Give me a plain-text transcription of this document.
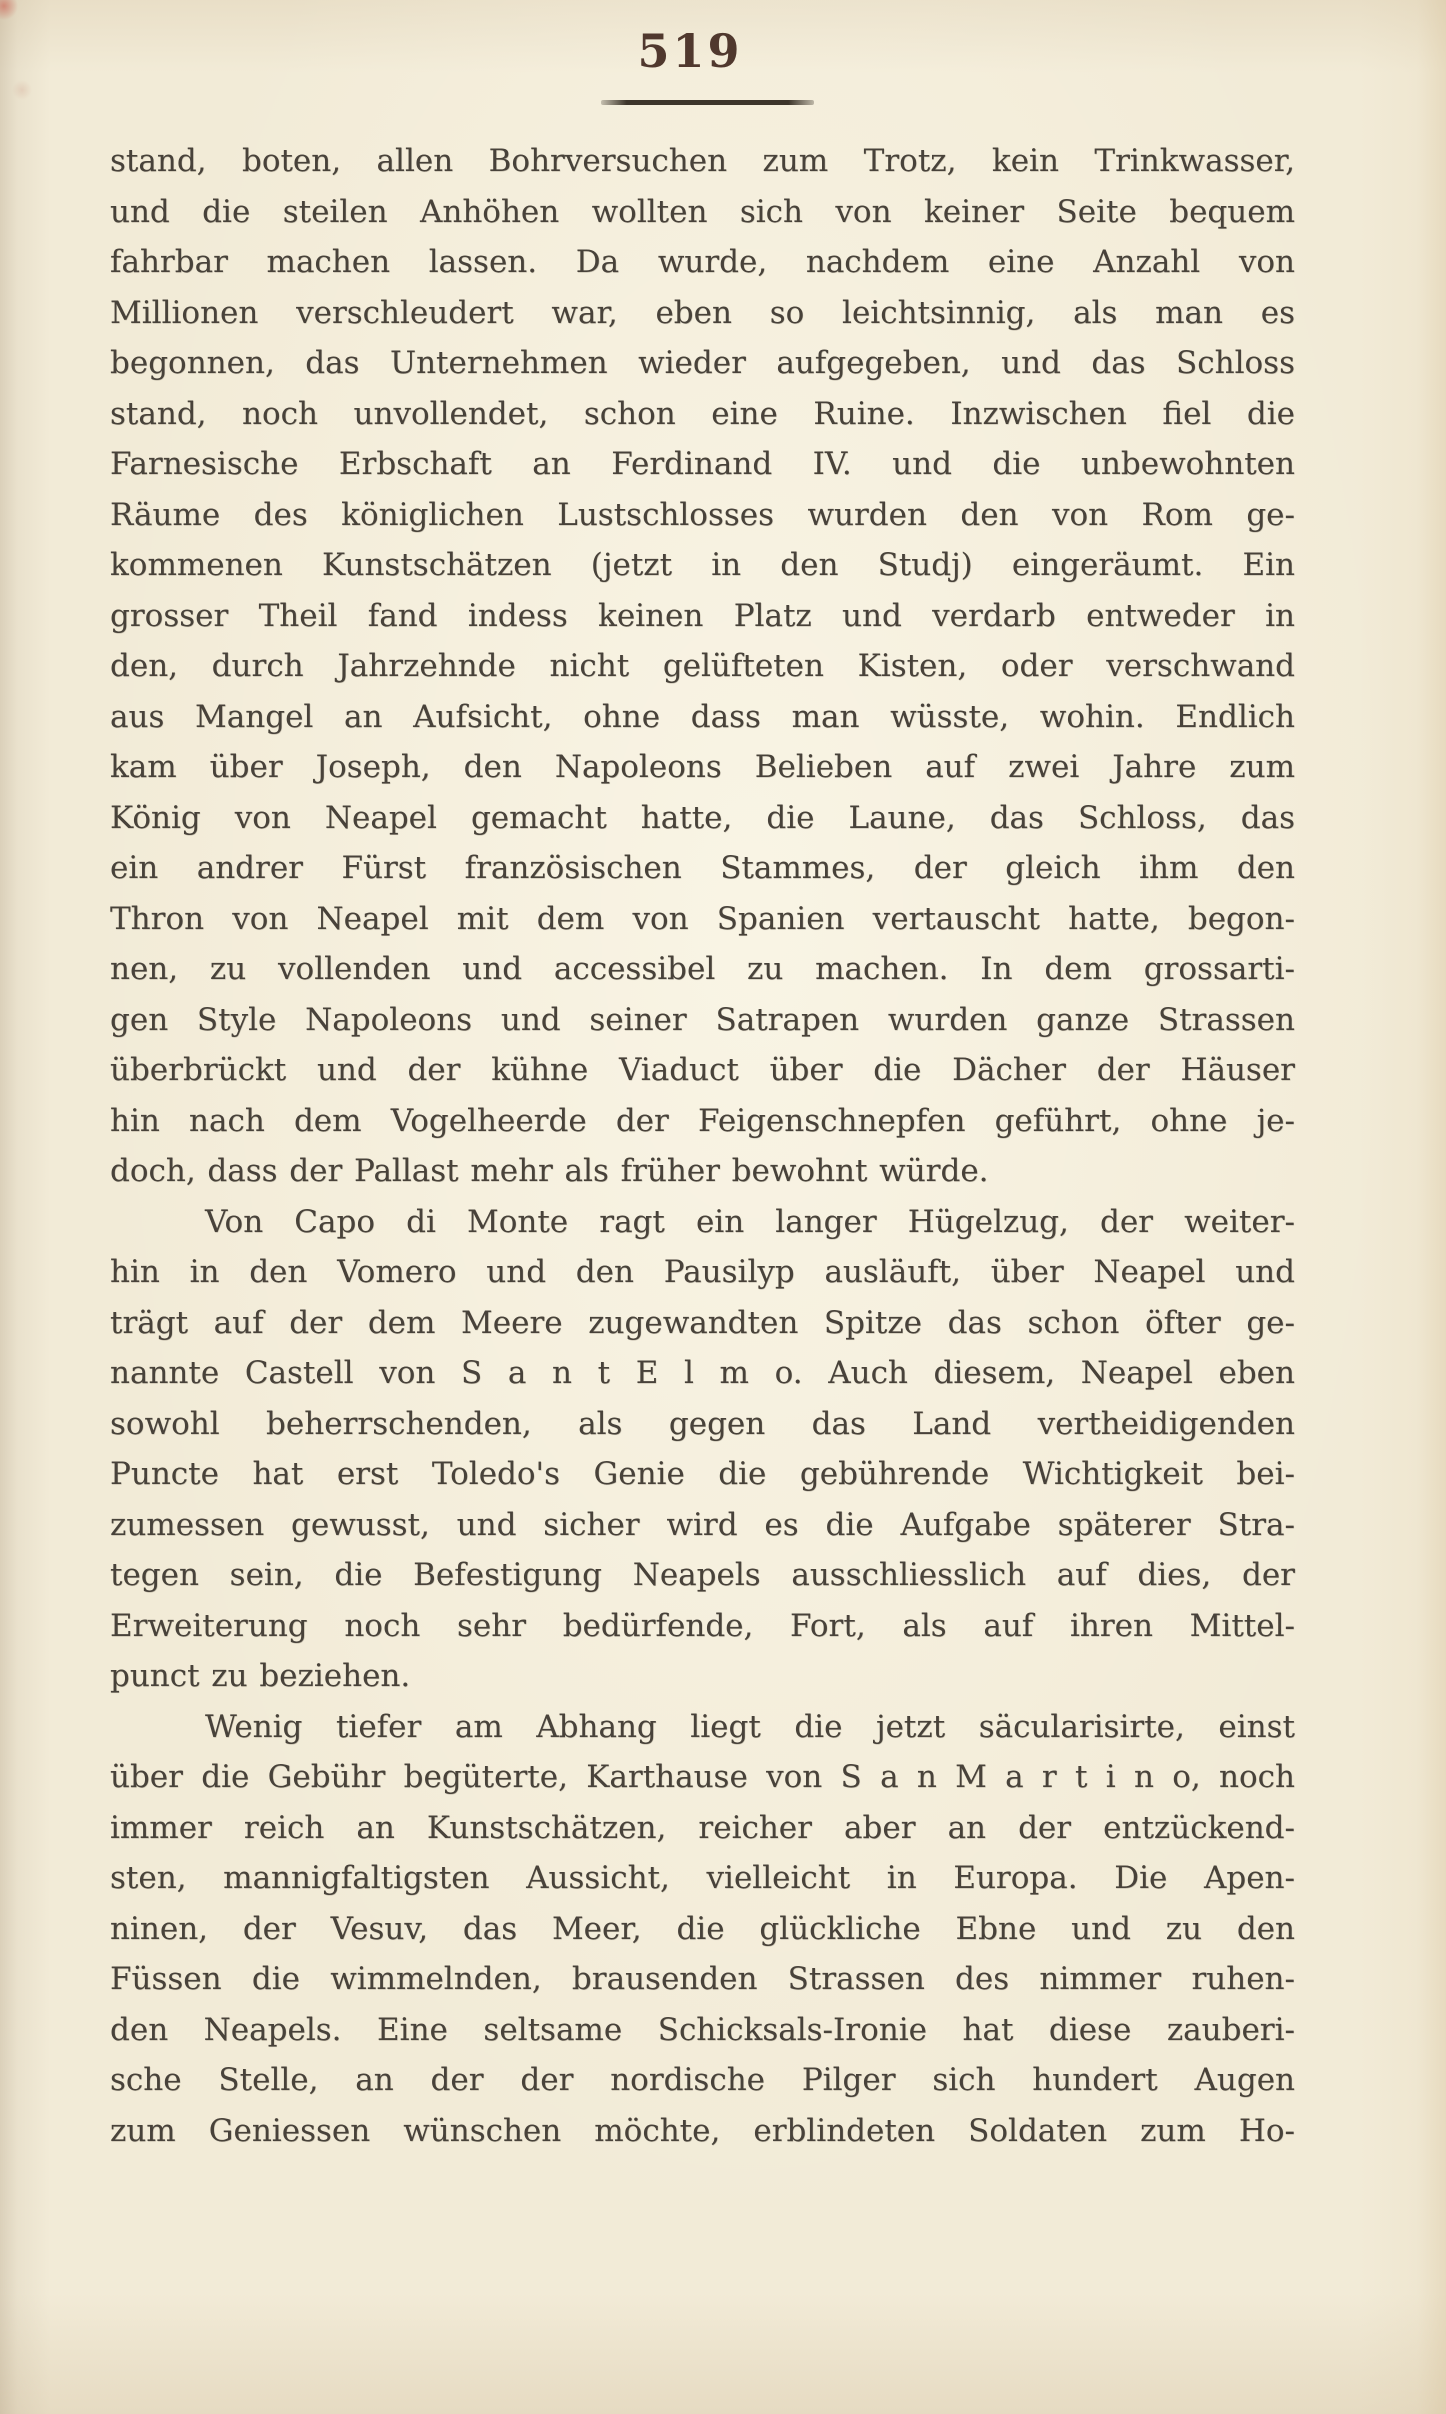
519
stand, boten, allen Bohrversuchen zum Trotz, kein Trinkwasser,
und die steilen Anhöhen wollten sich von keiner Seite bequem
fahrbar machen lassen. Da wurde, nachdem eine Anzahl von
Millionen verschleudert war, eben so leichtsinnig, als man es
begonnen, das Unternehmen wieder aufgegeben, und das Schloss
stand, noch unvollendet, schon eine Ruine. Inzwischen fiel die
Farnesische Erbschaft an Ferdinand IV. und die unbewohnten
Räume des königlichen Lustschlosses wurden den von Rom ge-
kommenen Kunstschätzen (jetzt in den Studj) eingeräumt. Ein
grosser Theil fand indess keinen Platz und verdarb entweder in
den, durch Jahrzehnde nicht gelüfteten Kisten, oder verschwand
aus Mangel an Aufsicht, ohne dass man wüsste, wohin. Endlich
kam über Joseph, den Napoleons Belieben auf zwei Jahre zum
König von Neapel gemacht hatte, die Laune, das Schloss, das
ein andrer Fürst französischen Stammes, der gleich ihm den
Thron von Neapel mit dem von Spanien vertauscht hatte, begon-
nen, zu vollenden und accessibel zu machen. In dem grossarti-
gen Style Napoleons und seiner Satrapen wurden ganze Strassen
überbrückt und der kühne Viaduct über die Dächer der Häuser
hin nach dem Vogelheerde der Feigenschnepfen geführt, ohne je-
doch, dass der Pallast mehr als früher bewohnt würde.
Von Capo di Monte ragt ein langer Hügelzug, der weiter-
hin in den Vomero und den Pausilyp ausläuft, über Neapel und
trägt auf der dem Meere zugewandten Spitze das schon öfter ge-
nannte Castell von S a n t E l m o. Auch diesem, Neapel eben
sowohl beherrschenden, als gegen das Land vertheidigenden
Puncte hat erst Toledo's Genie die gebührende Wichtigkeit bei-
zumessen gewusst, und sicher wird es die Aufgabe späterer Stra-
tegen sein, die Befestigung Neapels ausschliesslich auf dies, der
Erweiterung noch sehr bedürfende, Fort, als auf ihren Mittel-
punct zu beziehen.
Wenig tiefer am Abhang liegt die jetzt säcularisirte, einst
über die Gebühr begüterte, Karthause von S a n M a r t i n o, noch
immer reich an Kunstschätzen, reicher aber an der entzückend-
sten, mannigfaltigsten Aussicht, vielleicht in Europa. Die Apen-
ninen, der Vesuv, das Meer, die glückliche Ebne und zu den
Füssen die wimmelnden, brausenden Strassen des nimmer ruhen-
den Neapels. Eine seltsame Schicksals-Ironie hat diese zauberi-
sche Stelle, an der der nordische Pilger sich hundert Augen
zum Geniessen wünschen möchte, erblindeten Soldaten zum Ho-
